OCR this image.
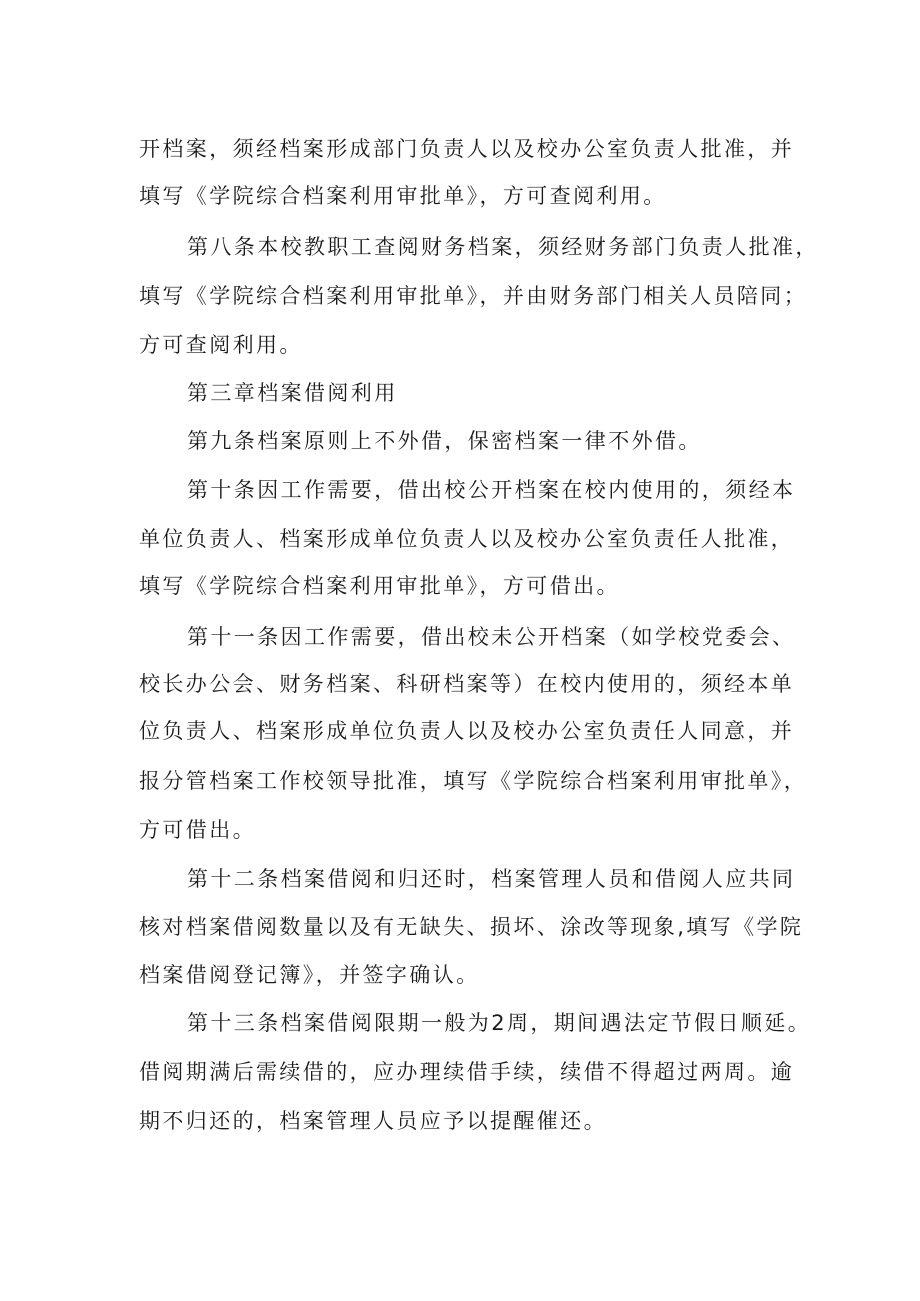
开档案，须经档案形成部门负责人以及校办公室负责人批准，并
填写《学院综合档案利用审批单》，方可查阅利用。
第八条本校教职工查阅财务档案，须经财务部门负责人批准，
填写《学院综合档案利用审批单》，并由财务部门相关人员陪同；
方可查阅利用。
第三章档案借阅利用
第九条档案原则上不外借，保密档案一律不外借。
第十条因工作需要，借出校公开档案在校内使用的，须经本
单位负责人、档案形成单位负责人以及校办公室负责任人批准，
填写《学院综合档案利用审批单》，方可借出。
第十一条因工作需要，借出校未公开档案（如学校党委会、
校长办公会、财务档案、科研档案等）在校内使用的，须经本单
位负责人、档案形成单位负责人以及校办公室负责任人同意，并
报分管档案工作校领导批准，填写《学院综合档案利用审批单》，
方可借出。
第十二条档案借阅和归还时，档案管理人员和借阅人应共同
核对档案借阅数量以及有无缺失、损坏、涂改等现象,填写《学院
档案借阅登记簿》，并签字确认。
第十三条档案借阅限期一般为2周，期间遇法定节假日顺延。
借阅期满后需续借的，应办理续借手续，续借不得超过两周。逾
期不归还的，档案管理人员应予以提醒催还。
